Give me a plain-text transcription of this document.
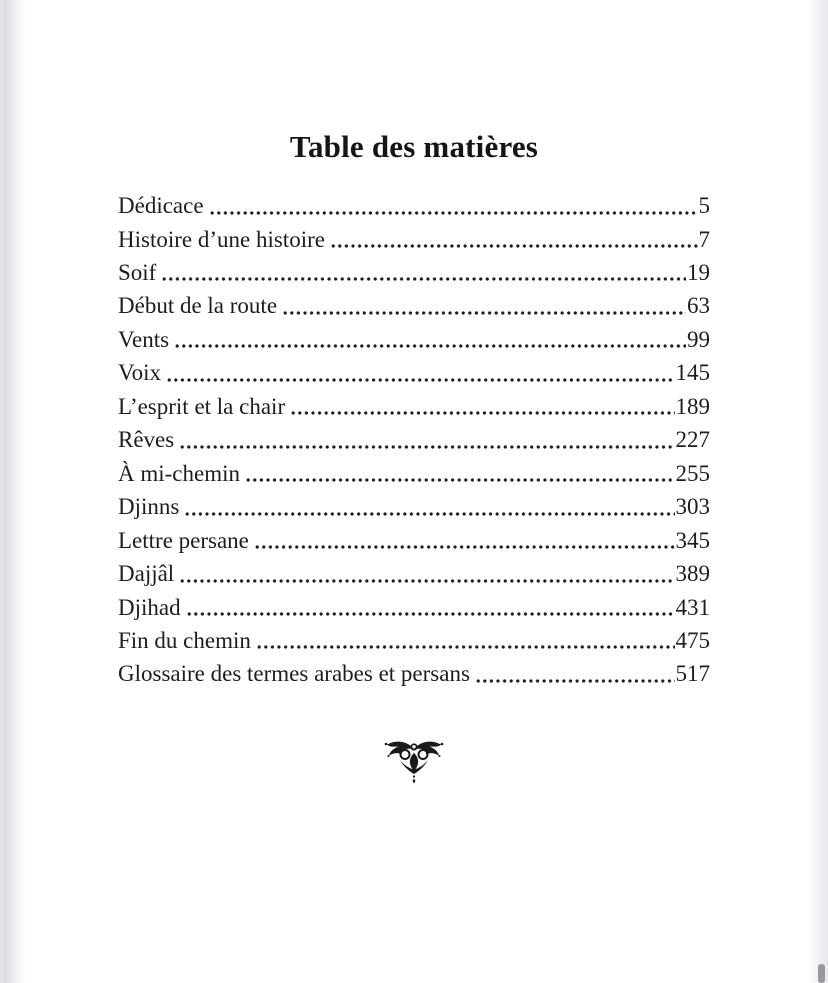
Table des matières
Dédicace	5
Histoire d’une histoire	7
Soif	19
Début de la route	63
Vents	99
Voix	145
L’esprit et la chair	189
Rêves	227
À mi-chemin	255
Djinns	303
Lettre persane	345
Dajjâl	389
Djihad	431
Fin du chemin	475
Glossaire des termes arabes et persans	517
